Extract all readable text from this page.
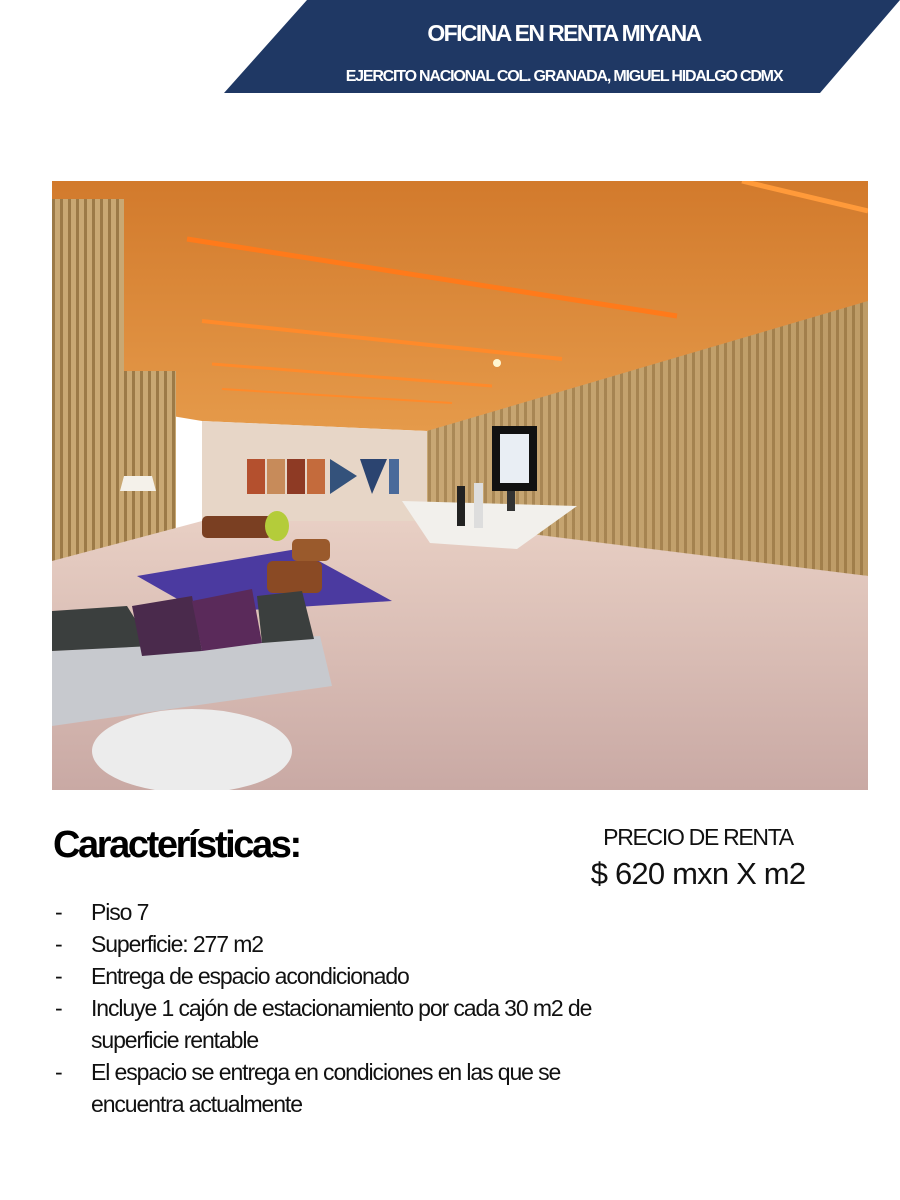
OFICINA EN RENTA MIYANA
EJERCITO NACIONAL COL. GRANADA, MIGUEL HIDALGO CDMX
Características:
- Piso 7
- Superficie: 277 m2
- Entrega de espacio acondicionado
- Incluye 1 cajón de estacionamiento por cada 30 m2 de superficie rentable
- El espacio se entrega en condiciones en las que se encuentra actualmente
PRECIO DE RENTA
$ 620 mxn X m2
